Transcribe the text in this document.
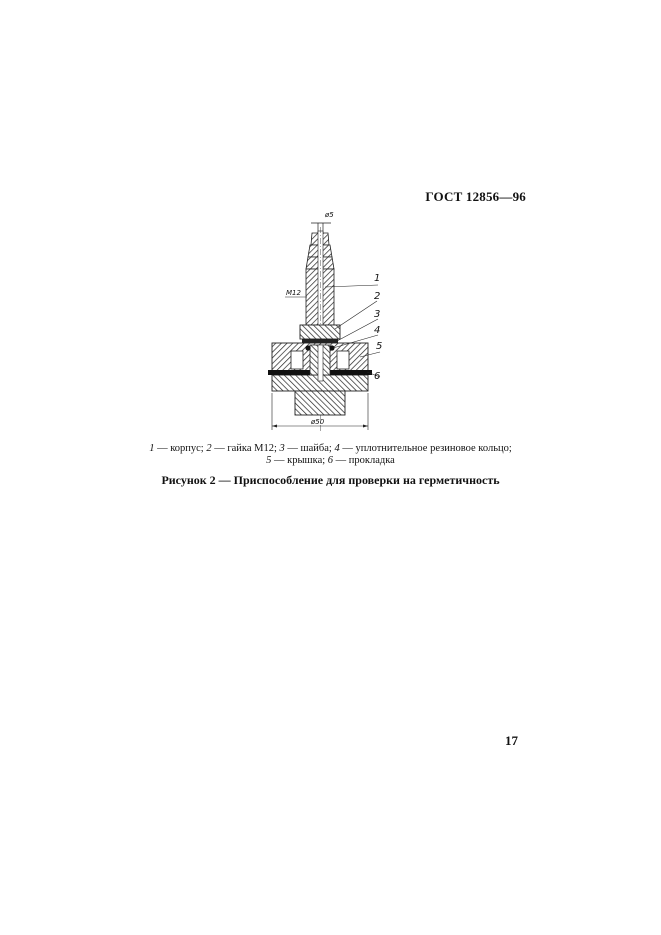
ГОСТ 12856—96
ø5
M12
ø50
1
2
3
4
5
6
1 — корпус; 2 — гайка M12; 3 — шайба; 4 — уплотнительное резиновое кольцо;
5 — крышка; 6 — прокладка
Рисунок 2 — Приспособление для проверки на герметичность
17
